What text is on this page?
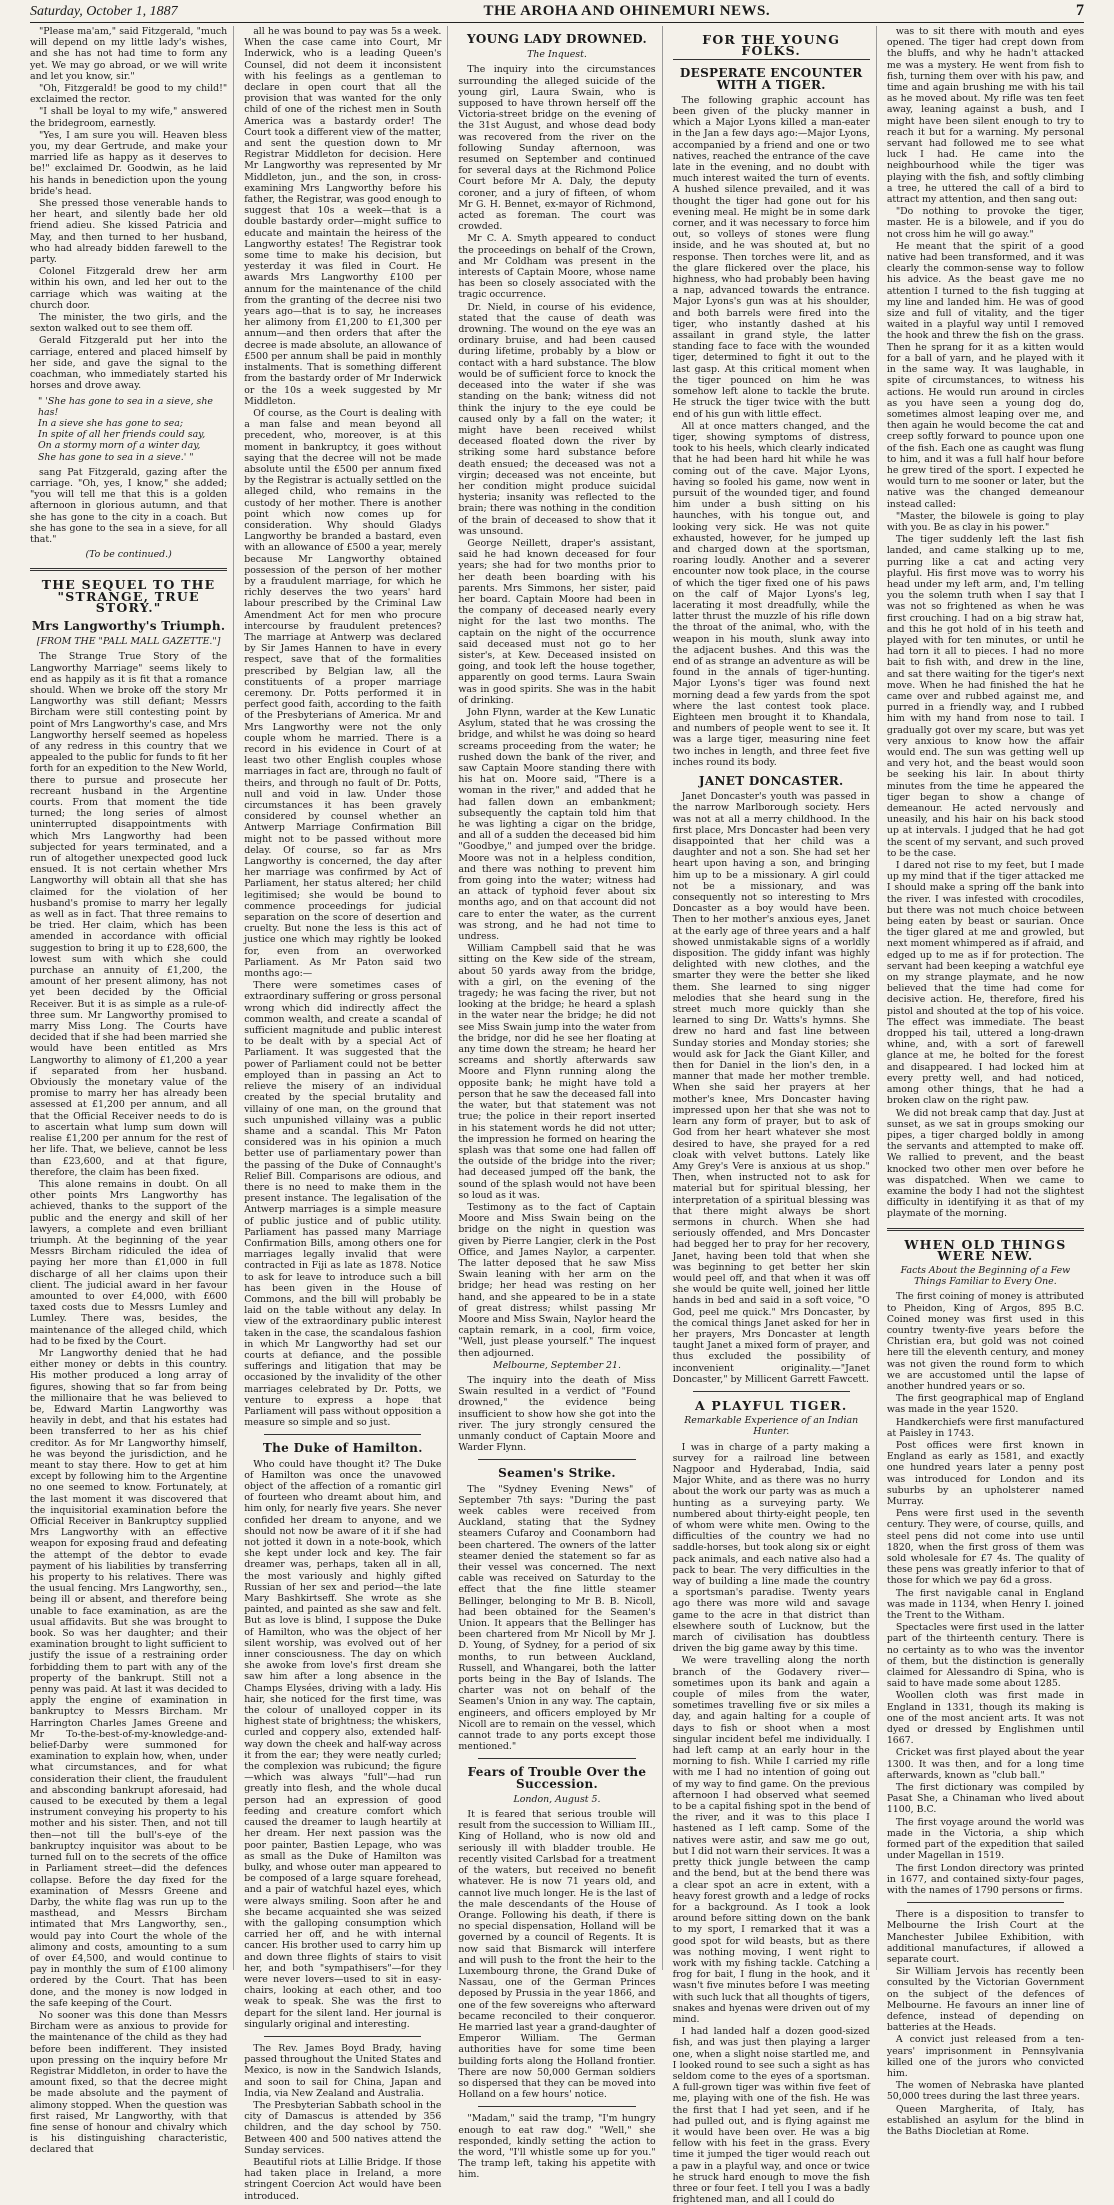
Saturday, October 1, 1887	THE AROHA AND OHINEMURI NEWS.	7

"Please ma'am," said Fitzgerald, "much will depend on my little lady's wishes, and she has not had time to form any yet. We may go abroad, or we will write and let you know, sir."

"Oh, Fitzgerald! be good to my child!" exclaimed the rector.

"I shall be loyal to my wife," answered the bridegroom, earnestly.

"Yes, I am sure you will. Heaven bless you, my dear Gertrude, and make your married life as happy as it deserves to be!" exclaimed Dr. Goodwin, as he laid his hands in benediction upon the young bride's head.

She pressed those venerable hands to her heart, and silently bade her old friend adieu. She kissed Patricia and May, and then turned to her husband, who had already bidden farewell to the party.

Colonel Fitzgerald drew her arm within his own, and led her out to the carriage which was waiting at the church door.

The minister, the two girls, and the sexton walked out to see them off.

Gerald Fitzgerald put her into the carriage, entered and placed himself by her side, and gave the signal to the coachman, who immediately started his horses and drove away.

" 'She has gone to sea in a sieve, she has!
In a sieve she has gone to sea;
In spite of all her friends could say,
On a stormy morn of a winter day,
She has gone to sea in a sieve.' "

sang Pat Fitzgerald, gazing after the carriage. "Oh, yes, I know," she added; "you will tell me that this is a golden afternoon in glorious autumn, and that she has gone to the city in a coach. But she has gone to the sea in a sieve, for all that."

(To be continued.)
THE SEQUEL TO THE "STRANGE, TRUE STORY."
Mrs Langworthy's Triumph.
[FROM THE "PALL MALL GAZETTE."]

The Strange True Story of the Langworthy Marriage" seems likely to end as happily as it is fit that a romance should. When we broke off the story Mr Langworthy was still defiant; Messrs Bircham were still contesting point by point of Mrs Langworthy's case, and Mrs Langworthy herself seemed as hopeless of any redress in this country that we appealed to the public for funds to fit her forth for an expedition to the New World, there to pursue and prosecute her recreant husband in the Argentine courts. From that moment the tide turned; the long series of almost uninterrupted disappointments with which Mrs Langworthy had been subjected for years terminated, and a run of altogether unexpected good luck ensued. It is not certain whether Mrs Langworthy will obtain all that she has claimed for the violation of her husband's promise to marry her legally as well as in fact. That three remains to be tried. Her claim, which has been amended in accordance with official suggestion to bring it up to £28,600, the lowest sum with which she could purchase an annuity of £1,200, the amount of her present alimony, has not yet been decided by the Official Receiver. But it is as simple as a rule-of-three sum. Mr Langworthy promised to marry Miss Long. The Courts have decided that if she had been married she would have been entitled as Mrs Langworthy to alimony of £1,200 a year if separated from her husband. Obviously the monetary value of the promise to marry her has already been assessed at £1,200 per annum, and all that the Official Receiver needs to do is to ascertain what lump sum down will realise £1,200 per annum for the rest of her life. That, we believe, cannot be less than £23,600, and at that figure, therefore, the claim has been fixed.

This alone remains in doubt. On all other points Mrs Langworthy has achieved, thanks to the support of the public and the energy and skill of her lawyers, a complete and even brilliant triumph. At the beginning of the year Messrs Bircham ridiculed the idea of paying her more than £1,000 in full discharge of all her claims upon their client. The judicial award in her favour amounted to over £4,000, with £600 taxed costs due to Messrs Lumley and Lumley. There was, besides, the maintenance of the alleged child, which had to be fixed by the Court.

Mr Langworthy denied that he had either money or debts in this country. His mother produced a long array of figures, showing that so far from being the millionaire that he was believed to be, Edward Martin Langworthy was heavily in debt, and that his estates had been transferred to her as his chief creditor. As for Mr Langworthy himself, he was beyond the jurisdiction, and he meant to stay there. How to get at him except by following him to the Argentine no one seemed to know. Fortunately, at the last moment it was discovered that the inquisitorial examination before the Official Receiver in Bankruptcy supplied Mrs Langworthy with an effective weapon for exposing fraud and defeating the attempt of the debtor to evade payment of his liabilities by transferring his property to his relatives. There was the usual fencing. Mrs Langworthy, sen., being ill or absent, and therefore being unable to face examination, as are the usual affidavits. But she was brought to book. So was her daughter; and their examination brought to light sufficient to justify the issue of a restraining order forbidding them to part with any of the property of the bankrupt. Still not a penny was paid. At last it was decided to apply the engine of examination in bankruptcy to Messrs Bircham. Mr Harrington Charles James Greene and Mr To-the-best-of-my-knowledge-and-belief-Darby were summoned for examination to explain how, when, under what circumstances, and for what consideration their client, the fraudulent and absconding bankrupt aforesaid, had caused to be executed by them a legal instrument conveying his property to his mother and his sister. Then, and not till then—not till the bull's-eye of the bankruptcy inquisitor was about to be turned full on to the secrets of the office in Parliament street—did the defences collapse. Before the day fixed for the examination of Messrs Greene and Darby, the white flag was run up to the masthead, and Messrs Bircham intimated that Mrs Langworthy, sen., would pay into Court the whole of the alimony and costs, amounting to a sum of over £4,500, and would continue to pay in monthly the sum of £100 alimony ordered by the Court. That has been done, and the money is now lodged in the safe keeping of the Court.

No sooner was this done than Messrs Bircham were as anxious to provide for the maintenance of the child as they had before been indifferent. They insisted upon pressing on the inquiry before Mr Registrar Middleton, in order to have the amount fixed, so that the decree might be made absolute and the payment of alimony stopped. When the question was first raised, Mr Langworthy, with that fine sense of honour and chivalry which is his distinguishing characteristic, declared that

all he was bound to pay was 5s a week. When the case came into Court, Mr Inderwick, who is a leading Queen's Counsel, did not deem it inconsistent with his feelings as a gentleman to declare in open court that all the provision that was wanted for the only child of one of the richest men in South America was a bastardy order! The Court took a different view of the matter, and sent the question down to Mr Registrar Middleton for decision. Here Mr Langworthy was represented by Mr Middleton, jun., and the son, in cross-examining Mrs Langworthy before his father, the Registrar, was good enough to suggest that 10s a week—that is a double bastardy order—might suffice to educate and maintain the heiress of the Langworthy estates! The Registrar took some time to make his decision, but yesterday it was filed in Court. He awards Mrs Langworthy £100 per annum for the maintenance of the child from the granting of the decree nisi two years ago—that is to say, he increases her alimony from £1,200 to £1,300 per annum—and then orders that after the decree is made absolute, an allowance of £500 per annum shall be paid in monthly instalments. That is something different from the bastardy order of Mr Inderwick or the 10s a week suggested by Mr Middleton.

Of course, as the Court is dealing with a man false and mean beyond all precedent, who, moreover, is at this moment in bankruptcy, it goes without saying that the decree will not be made absolute until the £500 per annum fixed by the Registrar is actually settled on the alleged child, who remains in the custody of her mother. There is another point which now comes up for consideration. Why should Gladys Langworthy be branded a bastard, even with an allowance of £500 a year, merely because Mr Langworthy obtained possession of the person of her mother by a fraudulent marriage, for which he richly deserves the two years' hard labour prescribed by the Criminal Law Amendment Act for men who procure intercourse by fraudulent pretences? The marriage at Antwerp was declared by Sir James Hannen to have in every respect, save that of the formalities prescribed by Belgian law, all the constituents of a proper marriage ceremony. Dr. Potts performed it in perfect good faith, according to the faith of the Presbyterians of America. Mr and Mrs Langworthy were not the only couple whom he married. There is a record in his evidence in Court of at least two other English couples whose marriages in fact are, through no fault of theirs, and through no fault of Dr. Potts, null and void in law. Under those circumstances it has been gravely considered by counsel whether an Antwerp Marriage Confirmation Bill might not to be passed without more delay. Of course, so far as Mrs Langworthy is concerned, the day after her marriage was confirmed by Act of Parliament, her status altered; her child legitimised; she would be bound to commence proceedings for judicial separation on the score of desertion and cruelty. But none the less is this act of justice one which may rightly be looked for, even from an overworked Parliament. As Mr Paton said two months ago:—

There were sometimes cases of extraordinary suffering or gross personal wrong which did indirectly affect the common wealth, and create a scandal of sufficient magnitude and public interest to be dealt with by a special Act of Parliament. It was suggested that the power of Parliament could not be better employed than in passing an Act to relieve the misery of an individual created by the special brutality and villainy of one man, on the ground that such unpunished villainy was a public shame and a scandal. This Mr Paton considered was in his opinion a much better use of parliamentary power than the passing of the Duke of Connaught's Relief Bill. Comparisons are odious, and there is no need to make them in the present instance. The legalisation of the Antwerp marriages is a simple measure of public justice and of public utility. Parliament has passed many Marriage Confirmation Bills, among others one for marriages legally invalid that were contracted in Fiji as late as 1878. Notice to ask for leave to introduce such a bill has been given in the House of Commons, and the bill will probably be laid on the table without any delay. In view of the extraordinary public interest taken in the case, the scandalous fashion in which Mr Langworthy had set our courts at defiance, and the possible sufferings and litigation that may be occasioned by the invalidity of the other marriages celebrated by Dr. Potts, we venture to express a hope that Parliament will pass without opposition a measure so simple and so just.

The Duke of Hamilton.

Who could have thought it? The Duke of Hamilton was once the unavowed object of the affection of a romantic girl of fourteen who dreamt about him, and him only, for nearly five years. She never confided her dream to anyone, and we should not now be aware of it if she had not jotted it down in a note-book, which she kept under lock and key. The fair dreamer was, perhaps, taken all in all, the most variously and highly gifted Russian of her sex and period—the late Mary Bashkirtseff. She wrote as she painted, and painted as she saw and felt. But as love is blind, I suppose the Duke of Hamilton, who was the object of her silent worship, was evolved out of her inner consciousness. The day on which she awoke from love's first dream she saw him after a long absence in the Champs Elysées, driving with a lady. His hair, she noticed for the first time, was the colour of unalloyed copper in its highest state of brightness; the whiskers, curled and coppery also, extended half-way down the cheek and half-way across it from the ear; they were neatly curled; the complexion was rubicund; the figure—which was always "full"—had run greatly into flesh, and the whole ducal person had an expression of good feeding and creature comfort which caused the dreamer to laugh heartily at her dream. Her next passion was the poor painter, Bastien Lepage, who was as small as the Duke of Hamilton was bulky, and whose outer man appeared to be composed of a large square forehead, and a pair of watchful hazel eyes, which were always smiling. Soon after he and she became acquainted she was seized with the galloping consumption which carried her off, and he with internal cancer. His brother used to carry him up and down three flights of stairs to visit her, and both "sympathisers"—for they were never lovers—used to sit in easy-chairs, looking at each other, and too weak to speak. She was the first to depart for the silent land. Her journal is singularly original and interesting.

The Rev. James Boyd Brady, having passed throughout the United States and Mexico, is now in the Sandwich Islands, and soon to sail for China, Japan and India, via New Zealand and Australia.

The Presbyterian Sabbath school in the city of Damascus is attended by 356 children, and the day school by 750. Between 400 and 500 natives attend the Sunday services.

Beautiful riots at Lillie Bridge. If those had taken place in Ireland, a more stringent Coercion Act would have been introduced.

YOUNG LADY DROWNED.
The Inquest.

The inquiry into the circumstances surrounding the alleged suicide of the young girl, Laura Swain, who is supposed to have thrown herself off the Victoria-street bridge on the evening of the 31st August, and whose dead body was recovered from the river on the following Sunday afternoon, was resumed on September and continued for several days at the Richmond Police Court before Mr A. Daly, the deputy coroner, and a jury of fifteen, of whom Mr G. H. Bennet, ex-mayor of Richmond, acted as foreman. The court was crowded.

Mr C. A. Smyth appeared to conduct the proceedings on behalf of the Crown, and Mr Coldham was present in the interests of Captain Moore, whose name has been so closely associated with the tragic occurrence.

Dr. Nield, in course of his evidence, stated that the cause of death was drowning. The wound on the eye was an ordinary bruise, and had been caused during lifetime, probably by a blow or contact with a hard substance. The blow would be of sufficient force to knock the deceased into the water if she was standing on the bank; witness did not think the injury to the eye could be caused only by a fall on the water; it might have been received whilst deceased floated down the river by striking some hard substance before death ensued; the deceased was not a virgin; deceased was not enceinte, but her condition might produce suicidal hysteria; insanity was reflected to the brain; there was nothing in the condition of the brain of deceased to show that it was unsound.

George Neillett, draper's assistant, said he had known deceased for four years; she had for two months prior to her death been boarding with his parents. Mrs Simmons, her sister, paid her board. Captain Moore had been in the company of deceased nearly every night for the last two months. The captain on the night of the occurrence said deceased must not go to her sister's, at Kew. Deceased insisted on going, and took left the house together, apparently on good terms. Laura Swain was in good spirits. She was in the habit of drinking.

John Flynn, warder at the Kew Lunatic Asylum, stated that he was crossing the bridge, and whilst he was doing so heard screams proceeding from the water; he rushed down the bank of the river, and saw Captain Moore standing there with his hat on. Moore said, "There is a woman in the river," and added that he had fallen down an embankment; subsequently the captain told him that he was lighting a cigar on the bridge, and all of a sudden the deceased bid him "Goodbye," and jumped over the bridge. Moore was not in a helpless condition, and there was nothing to prevent him from going into the water; witness had an attack of typhoid fever about six months ago, and on that account did not care to enter the water, as the current was strong, and he had not time to undress.

William Campbell said that he was sitting on the Kew side of the stream, about 50 yards away from the bridge, with a girl, on the evening of the tragedy; he was facing the river, but not looking at the bridge; he heard a splash in the water near the bridge; he did not see Miss Swain jump into the water from the bridge, nor did he see her floating at any time down the stream; he heard her screams and shortly afterwards saw Moore and Flynn running along the opposite bank; he might have told a person that he saw the deceased fall into the water, but that statement was not true; the police in their report inserted in his statement words he did not utter; the impression he formed on hearing the splash was that some one had fallen off the outside of the bridge into the river; had deceased jumped off the bank, the sound of the splash would not have been so loud as it was.

Testimony as to the fact of Captain Moore and Miss Swain being on the bridge on the night in question was given by Pierre Langier, clerk in the Post Office, and James Naylor, a carpenter. The latter deposed that he saw Miss Swain leaning with her arm on the bridge; her head was resting on her hand, and she appeared to be in a state of great distress; whilst passing Mr Moore and Miss Swain, Naylor heard the captain remark, in a cool, firm voice, "Well, just please yourself." The inquest then adjourned.

Melbourne, September 21.

The inquiry into the death of Miss Swain resulted in a verdict of "Found drowned," the evidence being insufficient to show how she got into the river. The jury strongly censured the unmanly conduct of Captain Moore and Warder Flynn.

Seamen's Strike.

The "Sydney Evening News" of September 7th says: "During the past week cables were received from Auckland, stating that the Sydney steamers Cufaroy and Coonamborn had been chartered. The owners of the latter steamer denied the statement so far as their vessel was concerned. The next cable was received on Saturday to the effect that the fine little steamer Bellinger, belonging to Mr B. B. Nicoll, had been obtained for the Seamen's Union. It appears that the Bellinger has been chartered from Mr Nicoll by Mr J. D. Young, of Sydney, for a period of six months, to run between Auckland, Russell, and Whangarei, both the latter ports being in the Bay of Islands. The charter was not on behalf of the Seamen's Union in any way. The captain, engineers, and officers employed by Mr Nicoll are to remain on the vessel, which cannot trade to any ports except those mentioned."

Fears of Trouble Over the Succession.
London, August 5.

It is feared that serious trouble will result from the succession to William III., King of Holland, who is now old and seriously ill with bladder trouble. He recently visited Carlsbad for a treatment of the waters, but received no benefit whatever. He is now 71 years old, and cannot live much longer. He is the last of the male descendants of the House of Orange. Following his death, if there is no special dispensation, Holland will be governed by a council of Regents. It is now said that Bismarck will interfere and will push to the front the heir to the Luxembourg throne, the Grand Duke of Nassau, one of the German Princes deposed by Prussia in the year 1866, and one of the few sovereigns who afterward became reconciled to their conqueror. He married last year a grand-daughter of Emperor William. The German authorities have for some time been building forts along the Holland frontier. There are now 50,000 German soldiers so dispersed that they can be moved into Holland on a few hours' notice.

"Madam," said the tramp, "I'm hungry enough to eat raw dog." "Well," she responded, kindly setting the action to the word, "I'll whistle some up for you." The tramp left, taking his appetite with him.

FOR THE YOUNG FOLKS.
DESPERATE ENCOUNTER WITH A TIGER.

The following graphic account has been given of the plucky manner in which a Major Lyons killed a man-eater in the Jan a few days ago:—Major Lyons, accompanied by a friend and one or two natives, reached the entrance of the cave late in the evening, and no doubt with much interest waited the turn of events. A hushed silence prevailed, and it was thought the tiger had gone out for his evening meal. He might be in some dark corner, and it was necessary to force him out, so volleys of stones were flung inside, and he was shouted at, but no response. Then torches were lit, and as the glare flickered over the place, his highness, who had probably been having a nap, advanced towards the entrance. Major Lyons's gun was at his shoulder, and both barrels were fired into the tiger, who instantly dashed at his assailant in grand style, the latter standing face to face with the wounded tiger, determined to fight it out to the last gasp. At this critical moment when the tiger pounced on him he was somehow left alone to tackle the brute. He struck the tiger twice with the butt end of his gun with little effect.

All at once matters changed, and the tiger, showing symptoms of distress, took to his heels, which clearly indicated that he had been hard hit while he was coming out of the cave. Major Lyons, having so fooled his game, now went in pursuit of the wounded tiger, and found him under a bush sitting on his haunches, with his tongue out, and looking very sick. He was not quite exhausted, however, for he jumped up and charged down at the sportsman, roaring loudly. Another and a severer encounter now took place, in the course of which the tiger fixed one of his paws on the calf of Major Lyons's leg, lacerating it most dreadfully, while the latter thrust the muzzle of his rifle down the throat of the animal, who, with the weapon in his mouth, slunk away into the adjacent bushes. And this was the end of as strange an adventure as will be found in the annals of tiger-hunting. Major Lyons's tiger was found next morning dead a few yards from the spot where the last contest took place. Eighteen men brought it to Khandala, and numbers of people went to see it. It was a large tiger, measuring nine feet two inches in length, and three feet five inches round its body.

JANET DONCASTER.

Janet Doncaster's youth was passed in the narrow Marlborough society. Hers was not at all a merry childhood. In the first place, Mrs Doncaster had been very disappointed that her child was a daughter and not a son. She had set her heart upon having a son, and bringing him up to be a missionary. A girl could not be a missionary, and was consequently not so interesting to Mrs Doncaster as a boy would have been. Then to her mother's anxious eyes, Janet at the early age of three years and a half showed unmistakable signs of a worldly disposition. The giddy infant was highly delighted with new clothes, and the smarter they were the better she liked them. She learned to sing nigger melodies that she heard sung in the street much more quickly than she learned to sing Dr. Watts's hymns. She drew no hard and fast line between Sunday stories and Monday stories; she would ask for Jack the Giant Killer, and then for Daniel in the lion's den, in a manner that made her mother tremble. When she said her prayers at her mother's knee, Mrs Doncaster having impressed upon her that she was not to learn any form of prayer, but to ask of God from her heart whatever she most desired to have, she prayed for a red cloak with velvet buttons. Lately like Amy Grey's Vere is anxious at us shop." Then, when instructed not to ask for material but for spiritual blessing, her interpretation of a spiritual blessing was that there might always be short sermons in church. When she had seriously offended, and Mrs Doncaster had begged her to pray for her recovery, Janet, having been told that when she was beginning to get better her skin would peel off, and that when it was off she would be quite well, joined her little hands in bed and said in a soft voice, "O God, peel me quick." Mrs Doncaster, by the comical things Janet asked for her in her prayers, Mrs Doncaster at length taught Janet a mixed form of prayer, and thus excluded the possibility of inconvenient originality.—"Janet Doncaster," by Millicent Garrett Fawcett.

A PLAYFUL TIGER.
Remarkable Experience of an Indian Hunter.

I was in charge of a party making a survey for a railroad line between Nagpoor and Hyderabad, India, said Major White, and as there was no hurry about the work our party was as much a hunting as a surveying party. We numbered about thirty-eight people, ten of whom were white men. Owing to the difficulties of the country we had no saddle-horses, but took along six or eight pack animals, and each native also had a pack to bear. The very difficulties in the way of building a line made the country a sportsman's paradise. Twenty years ago there was more wild and savage game to the acre in that district than elsewhere south of Lucknow, but the march of civilisation has doubtless driven the big game away by this time.

We were travelling along the north branch of the Godavery river—sometimes upon its bank and again a couple of miles from the water, sometimes travelling five or six miles a day, and again halting for a couple of days to fish or shoot when a most singular incident befel me individually. I had left camp at an early hour in the morning to fish. While I carried my rifle with me I had no intention of going out of my way to find game. On the previous afternoon I had observed what seemed to be a capital fishing spot in the bend of the river, and it was to this place I hastened as I left camp. Some of the natives were astir, and saw me go out, but I did not warn their services. It was a pretty thick jungle between the camp and the bend, but at the bend there was a clear spot an acre in extent, with a heavy forest growth and a ledge of rocks for a background. As I took a look around before sitting down on the bank to my sport, I remarked that it was a good spot for wild beasts, but as there was nothing moving, I went right to work with my fishing tackle. Catching a frog for bait, I flung in the hook, and it wasn't five minutes before I was meeting with such luck that all thoughts of tigers, snakes and hyenas were driven out of my mind.

I had landed half a dozen good-sized fish, and was just then playing a larger one, when a slight noise startled me, and I looked round to see such a sight as has seldom come to the eyes of a sportsman. A full-grown tiger was within five feet of me, playing with one of the fish. He was the first that I had yet seen, and if he had pulled out, and is flying against me it would have been over. He was a big fellow with his feet in the grass. Every time it jumped the tiger would reach out a paw in a playful way, and once or twice he struck hard enough to move the fish three or four feet. I tell you I was a badly frightened man, and all I could do

was to sit there with mouth and eyes opened. The tiger had crept down from the bluffs, and why he hadn't attacked me was a mystery. He went from fish to fish, turning them over with his paw, and time and again brushing me with his tail as he moved about. My rifle was ten feet away, leaning against a bush, and I might have been silent enough to try to reach it but for a warning. My personal servant had followed me to see what luck I had. He came into the neighbourhood while the tiger was playing with the fish, and softly climbing a tree, he uttered the call of a bird to attract my attention, and then sang out:

"Do nothing to provoke the tiger, master. He is a bilowele, and if you do not cross him he will go away."

He meant that the spirit of a good native had been transformed, and it was clearly the common-sense way to follow his advice. As the beast gave me no attention I turned to the fish tugging at my line and landed him. He was of good size and full of vitality, and the tiger waited in a playful way until I removed the hook and threw the fish on the grass. Then he sprang for it as a kitten would for a ball of yarn, and he played with it in the same way. It was laughable, in spite of circumstances, to witness his actions. He would run around in circles as you have seen a young dog do, sometimes almost leaping over me, and then again he would become the cat and creep softly forward to pounce upon one of the fish. Each one as caught was flung to him, and it was a full half hour before he grew tired of the sport. I expected he would turn to me sooner or later, but the native was the changed demeanour instead called:

"Master, the bilowele is going to play with you. Be as clay in his power."

The tiger suddenly left the last fish landed, and came stalking up to me, purring like a cat and acting very playful. His first move was to worry his head under my left arm, and, I'm telling you the solemn truth when I say that I was not so frightened as when he was first crouching. I had on a big straw hat, and this he got hold of in his teeth and played with for ten minutes, or until he had torn it all to pieces. I had no more bait to fish with, and drew in the line, and sat there waiting for the tiger's next move. When he had finished the hat he came over and rubbed against me, and purred in a friendly way, and I rubbed him with my hand from nose to tail. I gradually got over my scare, but was yet very anxious to know how the affair would end. The sun was getting well up and very hot, and the beast would soon be seeking his lair. In about thirty minutes from the time he appeared the tiger began to show a change of demeanour. He acted nervously and uneasily, and his hair on his back stood up at intervals. I judged that he had got the scent of my servant, and such proved to be the case.

I dared not rise to my feet, but I made up my mind that if the tiger attacked me I should make a spring off the bank into the river. I was infested with crocodiles, but there was not much choice between being eaten by beast or saurian. Once the tiger glared at me and growled, but next moment whimpered as if afraid, and edged up to me as if for protection. The servant had been keeping a watchful eye on my strange playmate, and he now believed that the time had come for decisive action. He, therefore, fired his pistol and shouted at the top of his voice. The effect was immediate. The beast dropped his tail, uttered a long-drawn whine, and, with a sort of farewell glance at me, he bolted for the forest and disappeared. I had locked him at every pretty well, and had noticed, among other things, that he had a broken claw on the right paw.

We did not break camp that day. Just at sunset, as we sat in groups smoking our pipes, a tiger charged boldly in among the servants and attempted to make off. We rallied to prevent, and the beast knocked two other men over before he was dispatched. When we came to examine the body I had not the slightest difficulty in identifying it as that of my playmate of the morning.

WHEN OLD THINGS WERE NEW.
Facts About the Beginning of a Few Things Familiar to Every One.

The first coining of money is attributed to Pheidon, King of Argos, 895 B.C. Coined money was first used in this country twenty-five years before the Christian era, but gold was not coined here till the eleventh century, and money was not given the round form to which we are accustomed until the lapse of another hundred years or so.

The first geographical map of England was made in the year 1520.

Handkerchiefs were first manufactured at Paisley in 1743.

Post offices were first known in England as early as 1581, and exactly one hundred years later a penny post was introduced for London and its suburbs by an upholsterer named Murray.

Pens were first used in the seventh century. They were, of course, quills, and steel pens did not come into use until 1820, when the first gross of them was sold wholesale for £7 4s. The quality of these pens was greatly inferior to that of those for which we pay 6d a gross.

The first navigable canal in England was made in 1134, when Henry I. joined the Trent to the Witham.

Spectacles were first used in the latter part of the thirteenth century. There is no certainty as to who was the inventor of them, but the distinction is generally claimed for Alessandro di Spina, who is said to have made some about 1285.

Woollen cloth was first made in England in 1331, though its making is one of the most ancient arts. It was not dyed or dressed by Englishmen until 1667.

Cricket was first played about the year 1300. It was then, and for a long time afterwards, known as "club ball."

The first dictionary was compiled by Pasat She, a Chinaman who lived about 1100, B.C.

The first voyage around the world was made in the Victoria, a ship which formed part of the expedition that sailed under Magellan in 1519.

The first London directory was printed in 1677, and contained sixty-four pages, with the names of 1790 persons or firms.

There is a disposition to transfer to Melbourne the Irish Court at the Manchester Jubilee Exhibition, with additional manufactures, if allowed a separate court.

Sir William Jervois has recently been consulted by the Victorian Government on the subject of the defences of Melbourne. He favours an inner line of defence, instead of depending on batteries at the Heads.

A convict just released from a ten-years' imprisonment in Pennsylvania killed one of the jurors who convicted him.

The women of Nebraska have planted 50,000 trees during the last three years.

Queen Margherita, of Italy, has established an asylum for the blind in the Baths Diocletian at Rome.
